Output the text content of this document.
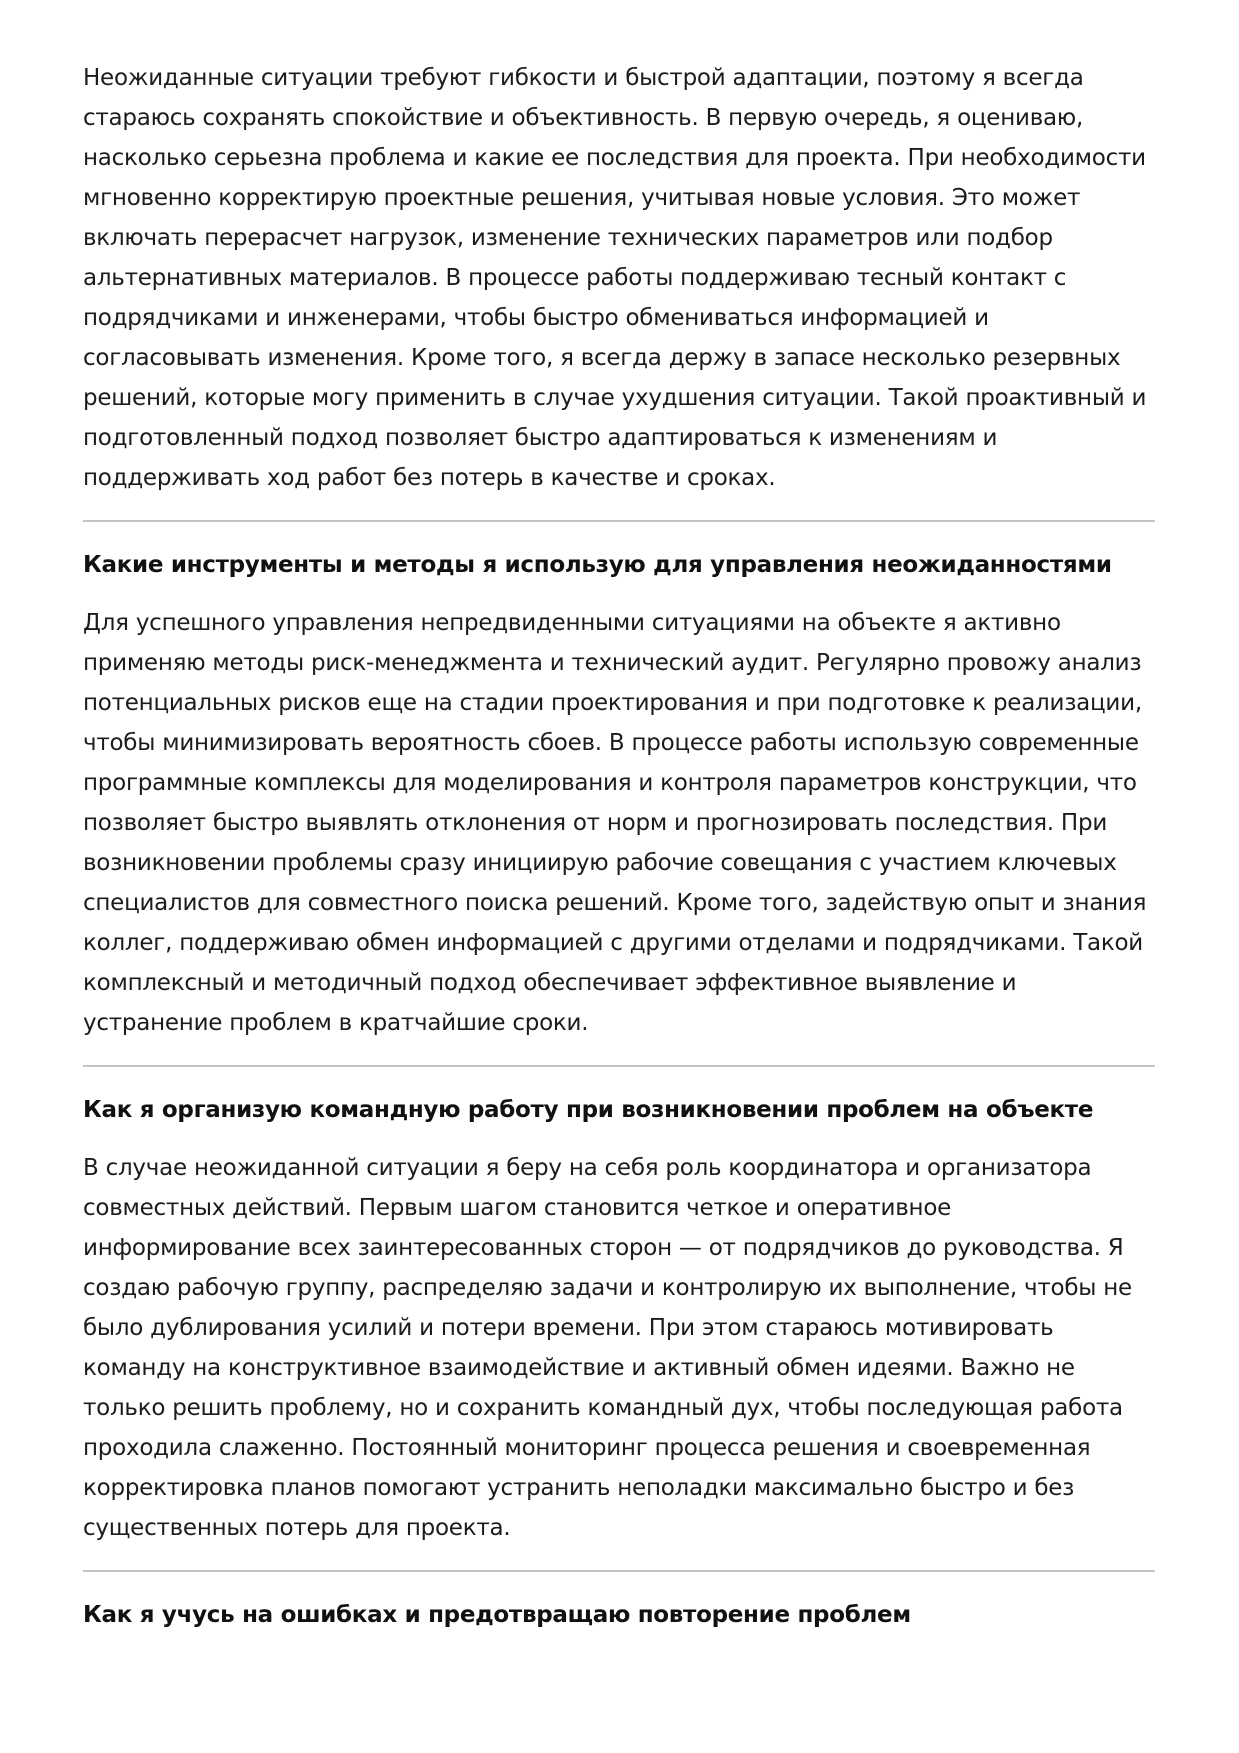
Неожиданные ситуации требуют гибкости и быстрой адаптации, поэтому я всегда стараюсь сохранять спокойствие и объективность. В первую очередь, я оцениваю, насколько серьезна проблема и какие ее последствия для проекта. При необходимости мгновенно корректирую проектные решения, учитывая новые условия. Это может включать перерасчет нагрузок, изменение технических параметров или подбор альтернативных материалов. В процессе работы поддерживаю тесный контакт с подрядчиками и инженерами, чтобы быстро обмениваться информацией и согласовывать изменения. Кроме того, я всегда держу в запасе несколько резервных решений, которые могу применить в случае ухудшения ситуации. Такой проактивный и подготовленный подход позволяет быстро адаптироваться к изменениям и поддерживать ход работ без потерь в качестве и сроках.

Какие инструменты и методы я использую для управления неожиданностями

Для успешного управления непредвиденными ситуациями на объекте я активно применяю методы риск-менеджмента и технический аудит. Регулярно провожу анализ потенциальных рисков еще на стадии проектирования и при подготовке к реализации, чтобы минимизировать вероятность сбоев. В процессе работы использую современные программные комплексы для моделирования и контроля параметров конструкции, что позволяет быстро выявлять отклонения от норм и прогнозировать последствия. При возникновении проблемы сразу инициирую рабочие совещания с участием ключевых специалистов для совместного поиска решений. Кроме того, задействую опыт и знания коллег, поддерживаю обмен информацией с другими отделами и подрядчиками. Такой комплексный и методичный подход обеспечивает эффективное выявление и устранение проблем в кратчайшие сроки.

Как я организую командную работу при возникновении проблем на объекте

В случае неожиданной ситуации я беру на себя роль координатора и организатора совместных действий. Первым шагом становится четкое и оперативное информирование всех заинтересованных сторон — от подрядчиков до руководства. Я создаю рабочую группу, распределяю задачи и контролирую их выполнение, чтобы не было дублирования усилий и потери времени. При этом стараюсь мотивировать команду на конструктивное взаимодействие и активный обмен идеями. Важно не только решить проблему, но и сохранить командный дух, чтобы последующая работа проходила слаженно. Постоянный мониторинг процесса решения и своевременная корректировка планов помогают устранить неполадки максимально быстро и без существенных потерь для проекта.

Как я учусь на ошибках и предотвращаю повторение проблем
